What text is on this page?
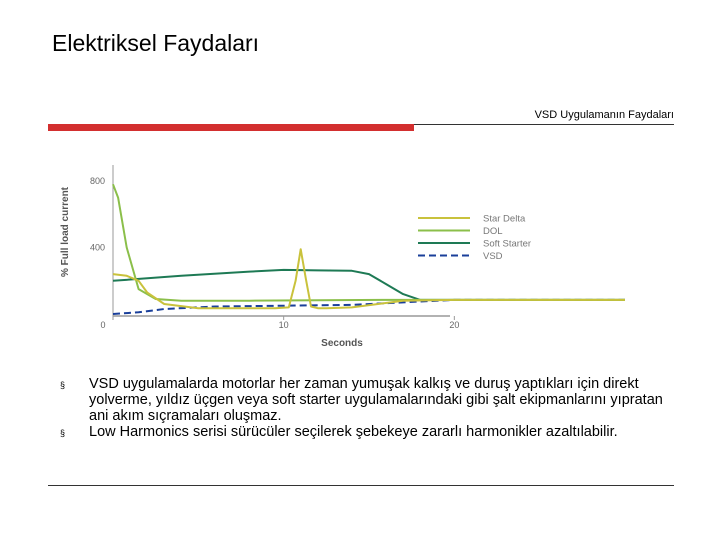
Elektriksel Faydaları
VSD Uygulamanın Faydaları
0	10	20
400
800
Seconds
% Full load current	Star Delta
DOL
Soft Starter
VSD
§ VSD uygulamalarda motorlar her zaman yumuşak kalkış ve duruş yaptıkları için direkt yolverme, yıldız üçgen veya soft starter uygulamalarındaki gibi şalt ekipmanlarını yıpratan ani akım sıçramaları oluşmaz.
§ Low Harmonics serisi sürücüler seçilerek şebekeye zararlı harmonikler azaltılabilir.
